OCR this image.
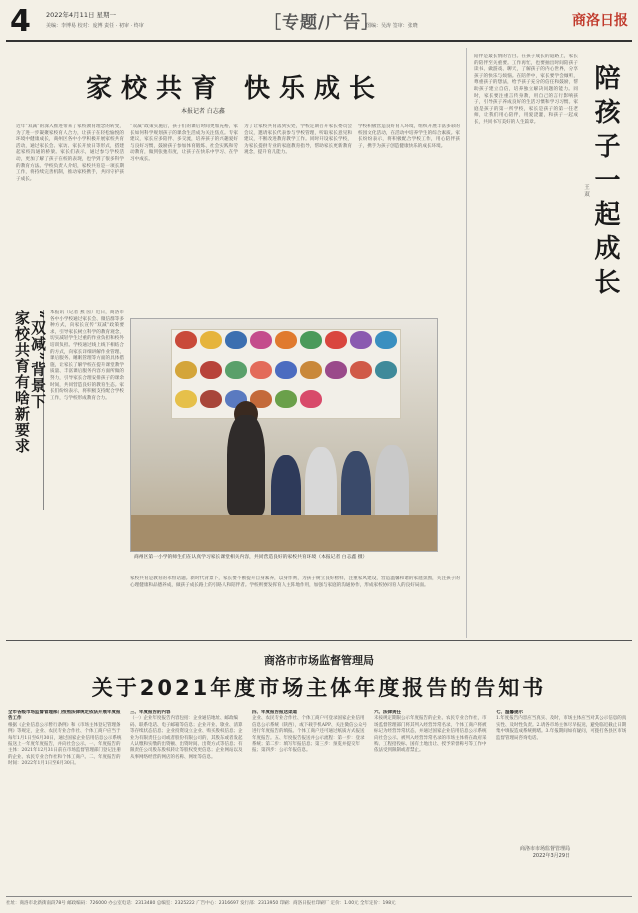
4 2022年4月11日 星期一
美编：李博易 校对：庞博 责任 · 初审 · 终审	［专题/广告］
图编：吴涛 签审：张晓	商洛日报
家校共育 快乐成长
本报记者 白志鑫
近年“双减”的深入推进带来了家校教育理念的转变，为了进一步凝聚家校育人合力，让孩子在轻松愉悦的环境中健康成长，商州区各中小学积极开展家校共育活动，通过家长会、家访、家长开放日等形式，搭建起家校沟通的桥梁。家长们表示，通过参与学校活动，更加了解了孩子在校的表现，也学到了很多科学的教育方法。学校负责人介绍，家校共育是一项长期工作，将持续完善机制，推动家校携手，共同守护孩子成长。
“双减”政策实施后，孩子们的课后时间更加充裕，家长如何科学规划孩子的课余生活成为关注焦点。专家建议，家长应多陪伴、多交流，培养孩子的兴趣爱好与良好习惯，鼓励孩子参加体育锻炼、社会实践和劳动教育，做到张弛有度，让孩子在快乐中学习、在学习中成长。
为了让家校共育落到实处，学校定期召开家长委员会会议，邀请家长代表参与学校管理，听取家长意见和建议，不断改进教育教学工作。同时开设家长学校，为家长提供专业的家庭教育指导，帮助家长更新教育观念，提升育儿能力。
学校积极营造良好育人环境，组织开展丰富多彩的校园文化活动，在活动中培养学生的综合素质。家长纷纷表示，将积极配合学校工作，用心陪伴孩子，携手为孩子创造健康快乐的成长环境。
“双减”背景下
家校共育有啥新要求	本报讯（记者 燕 茵）近日，商洛市各中小学校通过家长会、微信群等多种方式，向家长宣传“双减”政策要求，引导家长树立科学的教育观念，切实减轻学生过重的作业负担和校外培训负担。学校通过线上线下相结合的方式，向家长详细讲解作业管理、课后服务、睡眠管理等方面的具体措施，让家长了解学校在提升课堂教学质量、丰富课后服务内容方面所做的努力，引导家长合理安排孩子的课余时间，共同营造良好的教育生态。家长们纷纷表示，将积极支持配合学校工作，与学校形成教育合力。
商州区第一小学的师生们在认真学习家长课堂相关内容，共同营造良好的家校共育环境（本报记者 白志鑫 摄）
家校共育是教育的永恒话题。新时代背景下，家长要不断提升自身素养，以身作则，为孩子树立良好榜样，注重家风建设，营造温馨和谐的家庭氛围，关注孩子的心理健康和品德养成，做孩子成长路上的引路人和陪伴者。学校则要发挥育人主阵地作用，加强与家庭的沟通协作，形成家校协同育人的良好局面。
陪孩子一起成长
王 双
陪伴是最长情的告白。在孩子成长的道路上，家长的陪伴至关重要。工作再忙，也要抽出时间陪孩子读书、做游戏、聊天，了解孩子的内心世界，分享孩子的快乐与烦恼。在陪伴中，家长要学会倾听，尊重孩子的想法，给予孩子充分的信任和鼓励，帮助孩子建立自信，培养独立解决问题的能力。同时，家长要注重言传身教，用自己的言行影响孩子，引导孩子养成良好的生活习惯和学习习惯。家庭是孩子的第一所学校，家长是孩子的第一任老师，让我们用心陪伴，用爱浇灌，和孩子一起成长，共同书写美好的人生篇章。
商洛市市场监督管理局
关于2021年度市场主体年度报告的告知书
全市各级市场监督管理部门按照法律规定依法开展年度报告工作
根据《企业信息公示暂行条例》和《市场主体登记管理条例》等规定，企业、农民专业合作社、个体工商户应当于每年1月1日至6月30日，通过国家企业信用信息公示系统报送上一年度年度报告，并向社会公示。一、年度报告的主体：2021年12月31日前在市场监督管理部门登记注册的企业、农民专业合作社和个体工商户。二、年度报告的时间：2022年1月1日至6月30日。
三、年度报告的内容
（一）企业年度报告内容包括：企业通信地址、邮政编码、联系电话、电子邮箱等信息；企业开业、歇业、清算等存续状态信息；企业投资设立企业、购买股权信息；企业为有限责任公司或者股份有限公司的，其股东或者发起人认缴和实缴的出资额、出资时间、出资方式等信息；有限责任公司股东股权转让等股权变更信息；企业网站以及从事网络经营的网店的名称、网址等信息。
四、年度报告报送渠道
企业、农民专业合作社、个体工商户可登录国家企业信用信息公示系统（陕西），或下载手机APP、关注微信公众号进行年度报告的填报。个体工商户还可通过纸质方式报送年度报告。五、年度报告报送并公示流程：第一步：登录系统；第二步：填写年报信息；第三步：预览并提交年报；第四步：公示年报信息。
六、法律责任
未按规定期限公示年度报告的企业、农民专业合作社，市场监督管理部门将其列入经营异常名录，个体工商户将被标记为经营异常状态，并通过国家企业信用信息公示系统向社会公示。被列入经营异常名录的市场主体将在政府采购、工程招投标、国有土地出让、授予荣誉称号等工作中依法受到限制或者禁止。
七、温馨提示
1.年度报告内容应当真实、及时，市场主体应当对其公示信息的真实性、及时性负责。2.请各市场主体尽早报送，避免临近截止日期集中填报造成系统拥堵。3.年报期间如有疑问，可拨打各县区市场监督管理局咨询电话。
商洛市市场监督管理局
2022年3月29日
社址：商洛市北新街南段78号 邮政编码：726000 办公室电话：2313480 总编室：2325222 广告中心：2316697 发行部：2313950 印刷：商洛日报社印刷厂 定价：1.00元 全年定价：198元
